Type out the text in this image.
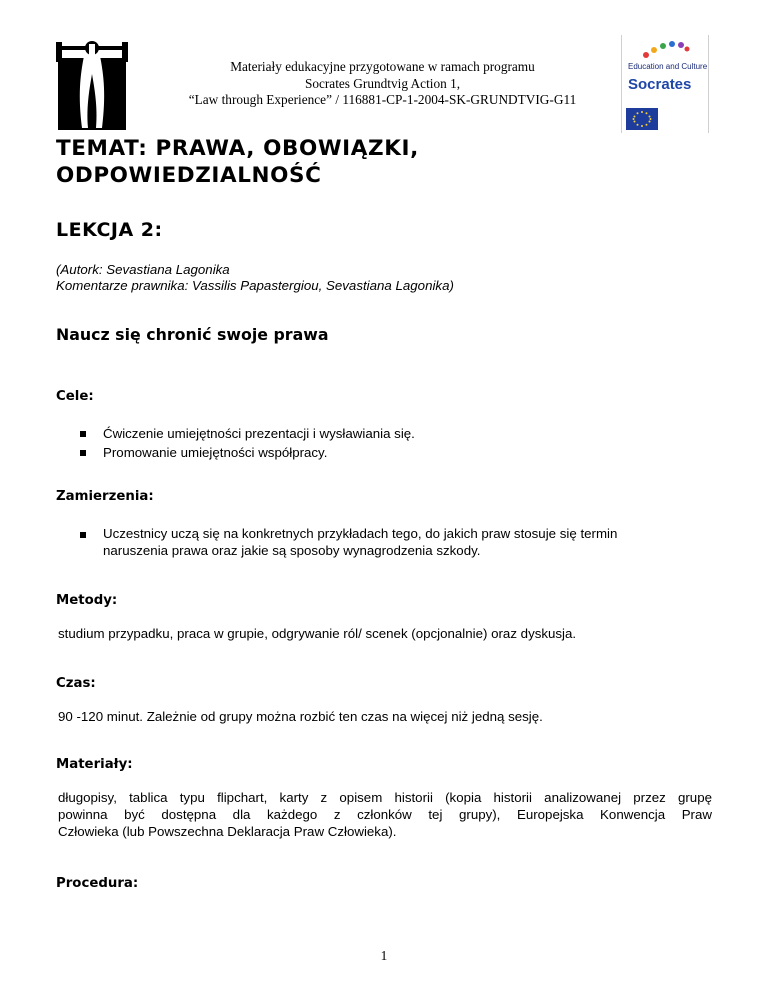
Materiały edukacyjne przygotowane w ramach programu
Socrates Grundtvig Action 1,
“Law through Experience” / 116881-CP-1-2004-SK-GRUNDTVIG-G11
Education and Culture
Socrates
TEMAT: PRAWA, OBOWIĄZKI,
ODPOWIEDZIALNOŚĆ
LEKCJA 2:
(Autork: Sevastiana Lagonika
Komentarze prawnika: Vassilis Papastergiou, Sevastiana Lagonika)
Naucz się chronić swoje prawa
Cele:
Ćwiczenie umiejętności prezentacji i wysławiania się.
Promowanie umiejętności współpracy.
Zamierzenia:
Uczestnicy uczą się na konkretnych przykładach tego, do jakich praw stosuje się termin
naruszenia prawa oraz jakie są sposoby wynagrodzenia szkody.
Metody:
studium przypadku, praca w grupie, odgrywanie ról/ scenek (opcjonalnie) oraz dyskusja.
Czas:
90 -120 minut. Zależnie od grupy można rozbić ten czas na więcej niż jedną sesję.
Materiały:
długopisy, tablica typu flipchart, karty z opisem historii (kopia historii analizowanej przez grupę
powinna być dostępna dla każdego z członków tej grupy), Europejska Konwencja Praw
Człowieka (lub Powszechna Deklaracja Praw Człowieka).
Procedura:
1
